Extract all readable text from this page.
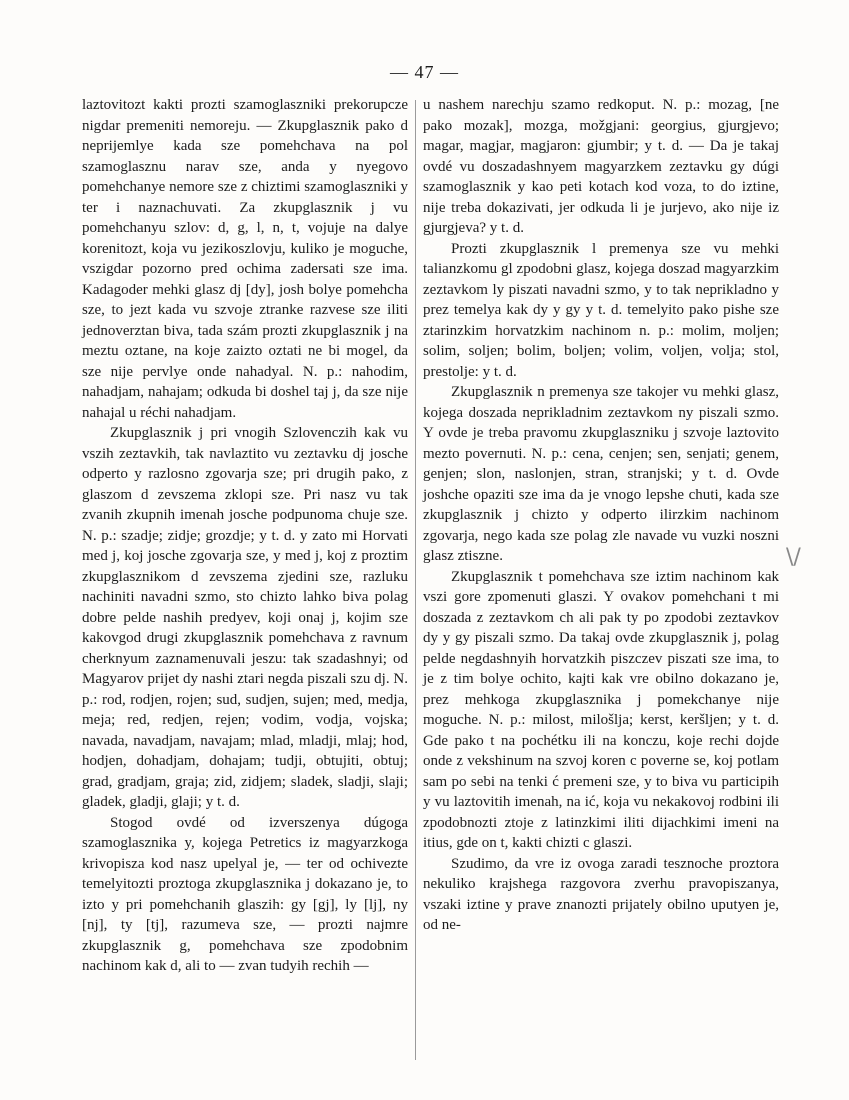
— 47 —

laztovitozt kakti prozti szamoglaszniki prekorupcze nigdar premeniti nemoreju. — Zkupglasznik pako d neprijemlye kada sze pomehchava na pol szamoglasznu narav sze, anda y nyegovo pomehchanye nemore sze z chiztimi szamoglaszniki y ter i naznachuvati. Za zkupglasznik j vu pomehchanyu szlov: d, g, l, n, t, vojuje na dalye korenitozt, koja vu jezikoszlovju, kuliko je moguche, vszigdar pozorno pred ochima zadersati sze ima. Kadagoder mehki glasz dj [dy], josh bolye pomehcha sze, to jezt kada vu szvoje ztranke razvesе sze iliti jednoverztan biva, tada szám prozti zkupglasznik j na meztu oztane, na koje zaizto oztati ne bi mogel, da sze nije pervlye onde nahadyal. N. p.: nahodim, nahadjam, nahajam; odkuda bi doshel taj j, da sze nije nahajal u réchi nahadjam.

Zkupglasznik j pri vnogih Szlovenczih kak vu vszih zeztavkih, tak navlaztito vu zeztavku dj josche odperto y razlosno zgovarja sze; pri drugih pako, z glaszom d zevszema zklopi sze. Pri nasz vu tak zvanih zkupnih imenah josche podpunoma chuje sze. N. p.: szadje; zidje; grozdje; y t. d. y zato mi Horvati med j, koj josche zgovarja sze, y med j, koj z proztim zkupglasznikom d zevszema zjedini sze, razluku nachiniti navadni szmo, sto chizto lahko biva polag dobre pelde nashih predyev, koji onaj j, kojim sze kakovgod drugi zkupglasznik pomehchava z ravnum cherknyum zaznamenuvali jeszu: tak szadashnyi; od Magyarov prijet dy nashi ztari negda piszali szu dj. N. p.: rod, rodjen, rojen; sud, sudjen, sujen; med, medja, meja; red, redjen, rejen; vodim, vodja, vojska; navada, navadjam, navajam; mlad, mladji, mlaj; hod, hodjen, dohadjam, dohajam; tudji, obtujiti, obtuj; grad, gradjam, graja; zid, zidjem; sladek, sladji, slaji; gladek, gladji, glaji; y t. d.

Stogod ovdé od izverszenya dúgoga szamoglasznika y, kojega Petretics iz magyarzkoga krivopisza kod nasz upelyal je, — ter od ochivezte temelyitozti proztoga zkupglasznika j dokazano je, to izto y pri pomehchanih glaszih: gy [gj], ly [lj], ny [nj], ty [tj], razumeva sze, — prozti najmre zkupglasznik g, pomehchava sze zpodobnim nachinom kak d, ali to — zvan tudyih rechih —

u nashem narechju szamo redkoput. N. p.: mozag, [ne pako mozak], mozga, možgjani: georgius, gjurgjevo; magar, magjar, magjaron: gjumbir; y t. d. — Da je takaj ovdé vu doszadashnyem magyarzkem zeztavku gy dúgi szamoglasznik y kao peti kotach kod voza, to do iztine, nije treba dokazivati, jer odkuda li je jurjevo, ako nije iz gjurgjeva? y t. d.

Prozti zkupglasznik l premenya sze vu mehki talianzkomu gl zpodobni glasz, kojega doszad magyarzkim zeztavkom ly piszati navadni szmo, y to tak nepriklаdno y prez temelya kak dy y gy y t. d. temelyito pako pishe sze ztarinzkim horvatzkim nachinom n. p.: molim, moljen; solim, soljen; bolim, boljen; volim, voljen, volja; stol, prestolje: y t. d.

Zkupglasznik n premenya sze takojer vu mehki glasz, kojega doszada neprikladnim zeztavkom ny piszali szmo. Y ovde je treba pravomu zkupglaszniku j szvoje laztovito mezto povernuti. N. p.: cena, cenjen; sen, senjati; genem, genjen; slon, naslonjen, stran, stranjski; y t. d. Ovde joshche opaziti sze ima da je vnogo lepshe chuti, kada sze zkupglasznik j chizto y odperto ilirzkim nachinom zgovarja, nego kada sze polag zle navade vu vuzki noszni glasz ztiszne.

Zkupglasznik t pomehchava sze iztim nachinom kak vszi gore zpomenuti glaszi. Y ovakov pomehchani t mi doszada z zeztavkom ch ali pak ty po zpodobi zeztavkov dy y gy piszali szmo. Da takaj ovde zkupglasznik j, polag pelde negdashnyih horvatzkih piszczev piszati sze ima, to je z tim bolye ochito, kajti kak vre obilno dokazano je, prez mehkoga zkupglasznika j pomekchanye nije moguche. N. p.: milost, milošlja; kerst, keršljen; y t. d. Gde pako t na pochétku ili na konczu, koje rechi dojde onde z vekshinum na szvoj koren c poverne se, koj potlam sam po sebi na tenki ć premeni sze, y to biva vu participih y vu laztovitih imenah, na ić, koja vu nekakovoj rodbini ili zpodobnozti ztoje z latinzkimi iliti dijachkimi imeni na itius, gde on t, kakti chizti c glaszi.

Szudimo, da vre iz ovoga zaradi tesznoche proztora nekuliko krajshega razgovora zverhu pravopiszanya, vszaki iztine y prave znanozti prijately obilno uputyen je, od ne-

\/
